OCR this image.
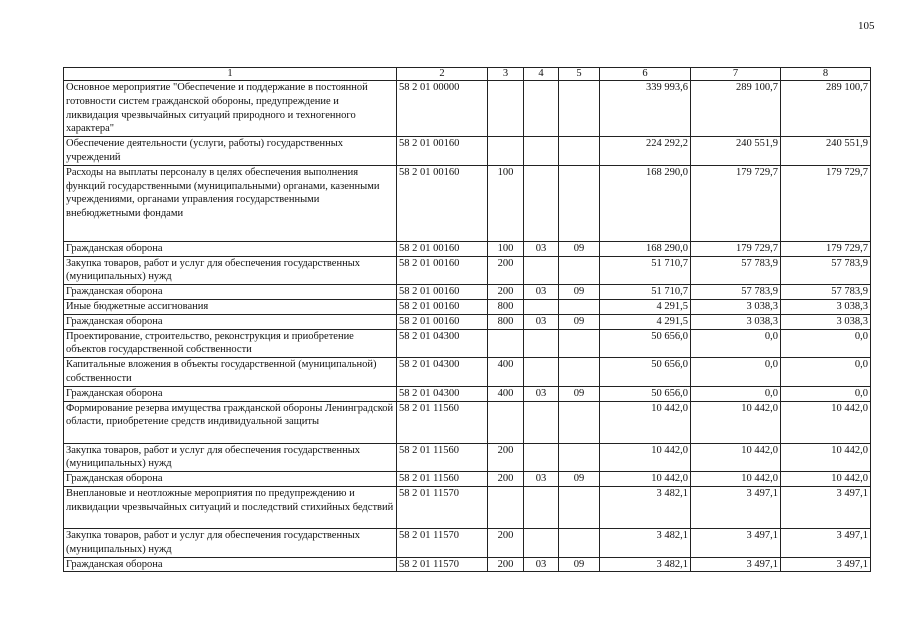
105
1	2	3	4	5	6	7	8
Основное мероприятие "Обеспечение и поддержание в постоянной готовности систем гражданской обороны, предупреждение и ликвидация чрезвычайных ситуаций природного и техногенного характера"	58 2 01 00000				339 993,6	289 100,7	289 100,7
Обеспечение деятельности (услуги, работы) государственных учреждений	58 2 01 00160				224 292,2	240 551,9	240 551,9
Расходы на выплаты персоналу в целях обеспечения выполнения функций государственными (муниципальными) органами, казенными учреждениями, органами управления государственными внебюджетными фондами	58 2 01 00160	100			168 290,0	179 729,7	179 729,7
Гражданская оборона	58 2 01 00160	100	03	09	168 290,0	179 729,7	179 729,7
Закупка товаров, работ и услуг для обеспечения государственных (муниципальных) нужд	58 2 01 00160	200			51 710,7	57 783,9	57 783,9
Гражданская оборона	58 2 01 00160	200	03	09	51 710,7	57 783,9	57 783,9
Иные бюджетные ассигнования	58 2 01 00160	800			4 291,5	3 038,3	3 038,3
Гражданская оборона	58 2 01 00160	800	03	09	4 291,5	3 038,3	3 038,3
Проектирование, строительство, реконструкция и приобретение объектов государственной собственности	58 2 01 04300				50 656,0	0,0	0,0
Капитальные вложения в объекты государственной (муниципальной) собственности	58 2 01 04300	400			50 656,0	0,0	0,0
Гражданская оборона	58 2 01 04300	400	03	09	50 656,0	0,0	0,0
Формирование резерва имущества гражданской обороны Ленинградской области, приобретение средств индивидуальной защиты	58 2 01 11560				10 442,0	10 442,0	10 442,0
Закупка товаров, работ и услуг для обеспечения государственных (муниципальных) нужд	58 2 01 11560	200			10 442,0	10 442,0	10 442,0
Гражданская оборона	58 2 01 11560	200	03	09	10 442,0	10 442,0	10 442,0
Внеплановые и неотложные мероприятия по предупреждению и ликвидации чрезвычайных ситуаций и последствий стихийных бедствий	58 2 01 11570				3 482,1	3 497,1	3 497,1
Закупка товаров, работ и услуг для обеспечения государственных (муниципальных) нужд	58 2 01 11570	200			3 482,1	3 497,1	3 497,1
Гражданская оборона	58 2 01 11570	200	03	09	3 482,1	3 497,1	3 497,1
